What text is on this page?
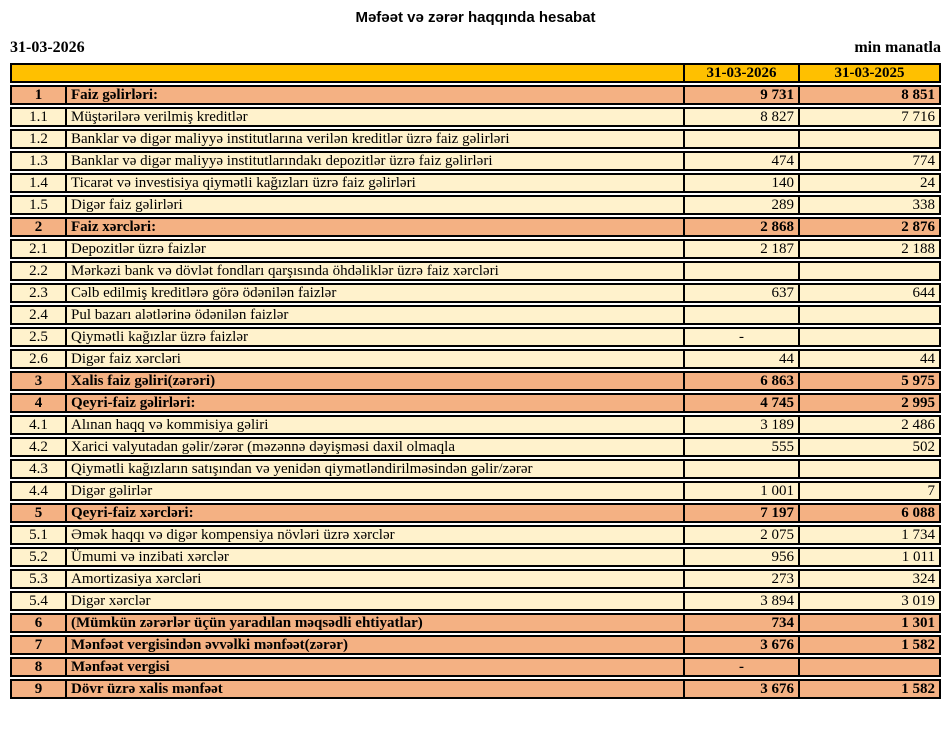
Məfəət və zərər haqqında hesabat
31-03-2026	min manatla
		31-03-2026	31-03-2025
1	Faiz gəlirləri:	9 731	8 851
1.1	Müştərilərə verilmiş kreditlər	8 827	7 716
1.2	Banklar və digər maliyyə institutlarına verilən kreditlər üzrə faiz gəlirləri		
1.3	Banklar və digər maliyyə institutlarındakı depozitlər üzrə faiz gəlirləri	474	774
1.4	Ticarət və investisiya qiymətli kağızları üzrə faiz gəlirləri	140	24
1.5	Digər faiz gəlirləri	289	338
2	Faiz xərcləri:	2 868	2 876
2.1	Depozitlər üzrə faizlər	2 187	2 188
2.2	Mərkəzi bank və dövlət fondları qarşısında öhdəliklər üzrə faiz xərcləri		
2.3	Cəlb edilmiş kreditlərə görə ödənilən faizlər	637	644
2.4	Pul bazarı alətlərinə ödənilən faizlər		
2.5	Qiymətli kağızlar üzrə faizlər	-	
2.6	Digər faiz xərcləri	44	44
3	Xalis faiz gəliri(zərəri)	6 863	5 975
4	Qeyri-faiz gəlirləri:	4 745	2 995
4.1	Alınan haqq və kommisiya gəliri	3 189	2 486
4.2	Xarici valyutadan gəlir/zərər (məzənnə dəyişməsi daxil olmaqla	555	502
4.3	Qiymətli kağızların satışından və yenidən qiymətləndirilməsindən gəlir/zərər		
4.4	Digər gəlirlər	1 001	7
5	Qeyri-faiz xərcləri:	7 197	6 088
5.1	Əmək haqqı və digər kompensiya növləri üzrə xərclər	2 075	1 734
5.2	Ümumi və inzibati xərclər	956	1 011
5.3	Amortizasiya xərcləri	273	324
5.4	Digər xərclər	3 894	3 019
6	(Mümkün zərərlər üçün yaradılan məqsədli ehtiyatlar)	734	1 301
7	Mənfəət vergisindən əvvəlki mənfəət(zərər)	3 676	1 582
8	Mənfəət vergisi	-	
9	Dövr üzrə xalis mənfəət	3 676	1 582
